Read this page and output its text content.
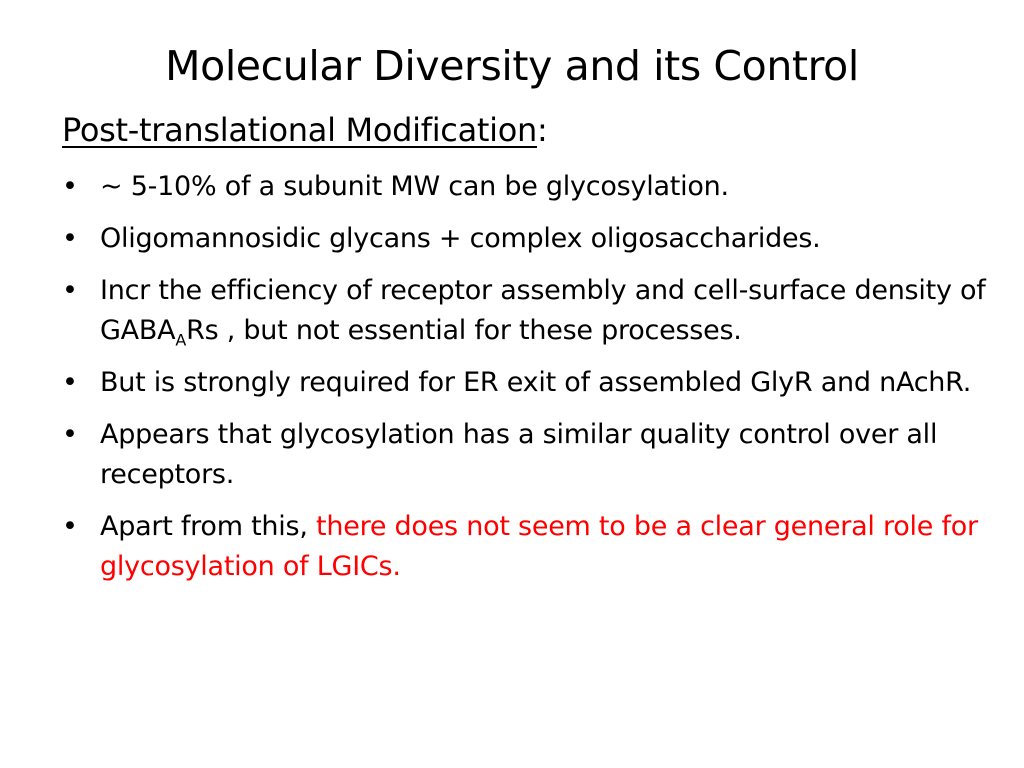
Molecular Diversity and its Control
Post-translational Modification:
• ~ 5-10% of a subunit MW can be glycosylation.
• Oligomannosidic glycans + complex oligosaccharides.
• Incr the efficiency of receptor assembly and cell-surface density of $GABA_ARs$ , but not essential for these processes.
• But is strongly required for ER exit of assembled GlyR and nAchR.
• Appears that glycosylation has a similar quality control over all receptors.
• Apart from this, there does not seem to be a clear general role for glycosylation of LGICs.
